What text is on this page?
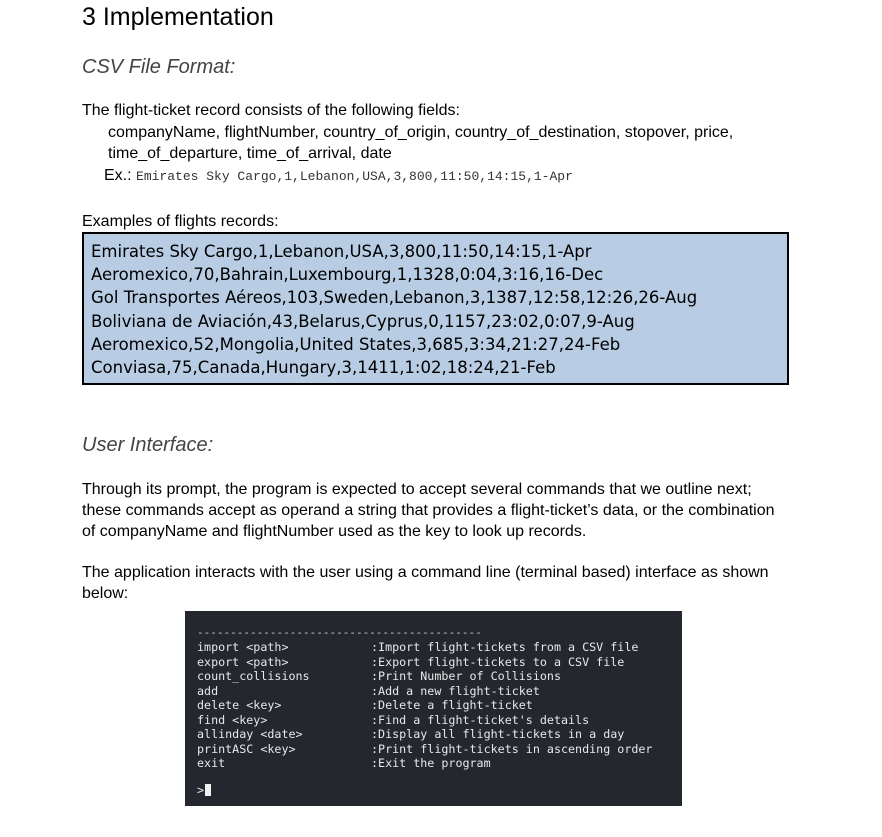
3 Implementation
CSV File Format:
The flight-ticket record consists of the following fields:
companyName, flightNumber, country_of_origin, country_of_destination, stopover, price,
time_of_departure, time_of_arrival, date
Ex.: Emirates Sky Cargo,1,Lebanon,USA,3,800,11:50,14:15,1-Apr
Examples of flights records:
Emirates Sky Cargo,1,Lebanon,USA,3,800,11:50,14:15,1-Apr
Aeromexico,70,Bahrain,Luxembourg,1,1328,0:04,3:16,16-Dec
Gol Transportes Aéreos,103,Sweden,Lebanon,3,1387,12:58,12:26,26-Aug
Boliviana de Aviación,43,Belarus,Cyprus,0,1157,23:02,0:07,9-Aug
Aeromexico,52,Mongolia,United States,3,685,3:34,21:27,24-Feb
Conviasa,75,Canada,Hungary,3,1411,1:02,18:24,21-Feb
User Interface:
Through its prompt, the program is expected to accept several commands that we outline next;
these commands accept as operand a string that provides a flight-ticket’s data, or the combination
of companyName and flightNumber used as the key to look up records.
The application interacts with the user using a command line (terminal based) interface as shown
below:
-------------------------------------------
import <path>	:Import flight-tickets from a CSV file
export <path>	:Export flight-tickets to a CSV file
count_collisions	:Print Number of Collisions
add	:Add a new flight-ticket
delete <key>	:Delete a flight-ticket
find <key>	:Find a flight-ticket's details
allinday <date>	:Display all flight-tickets in a day
printASC <key>	:Print flight-tickets in ascending order
exit	:Exit the program
>
